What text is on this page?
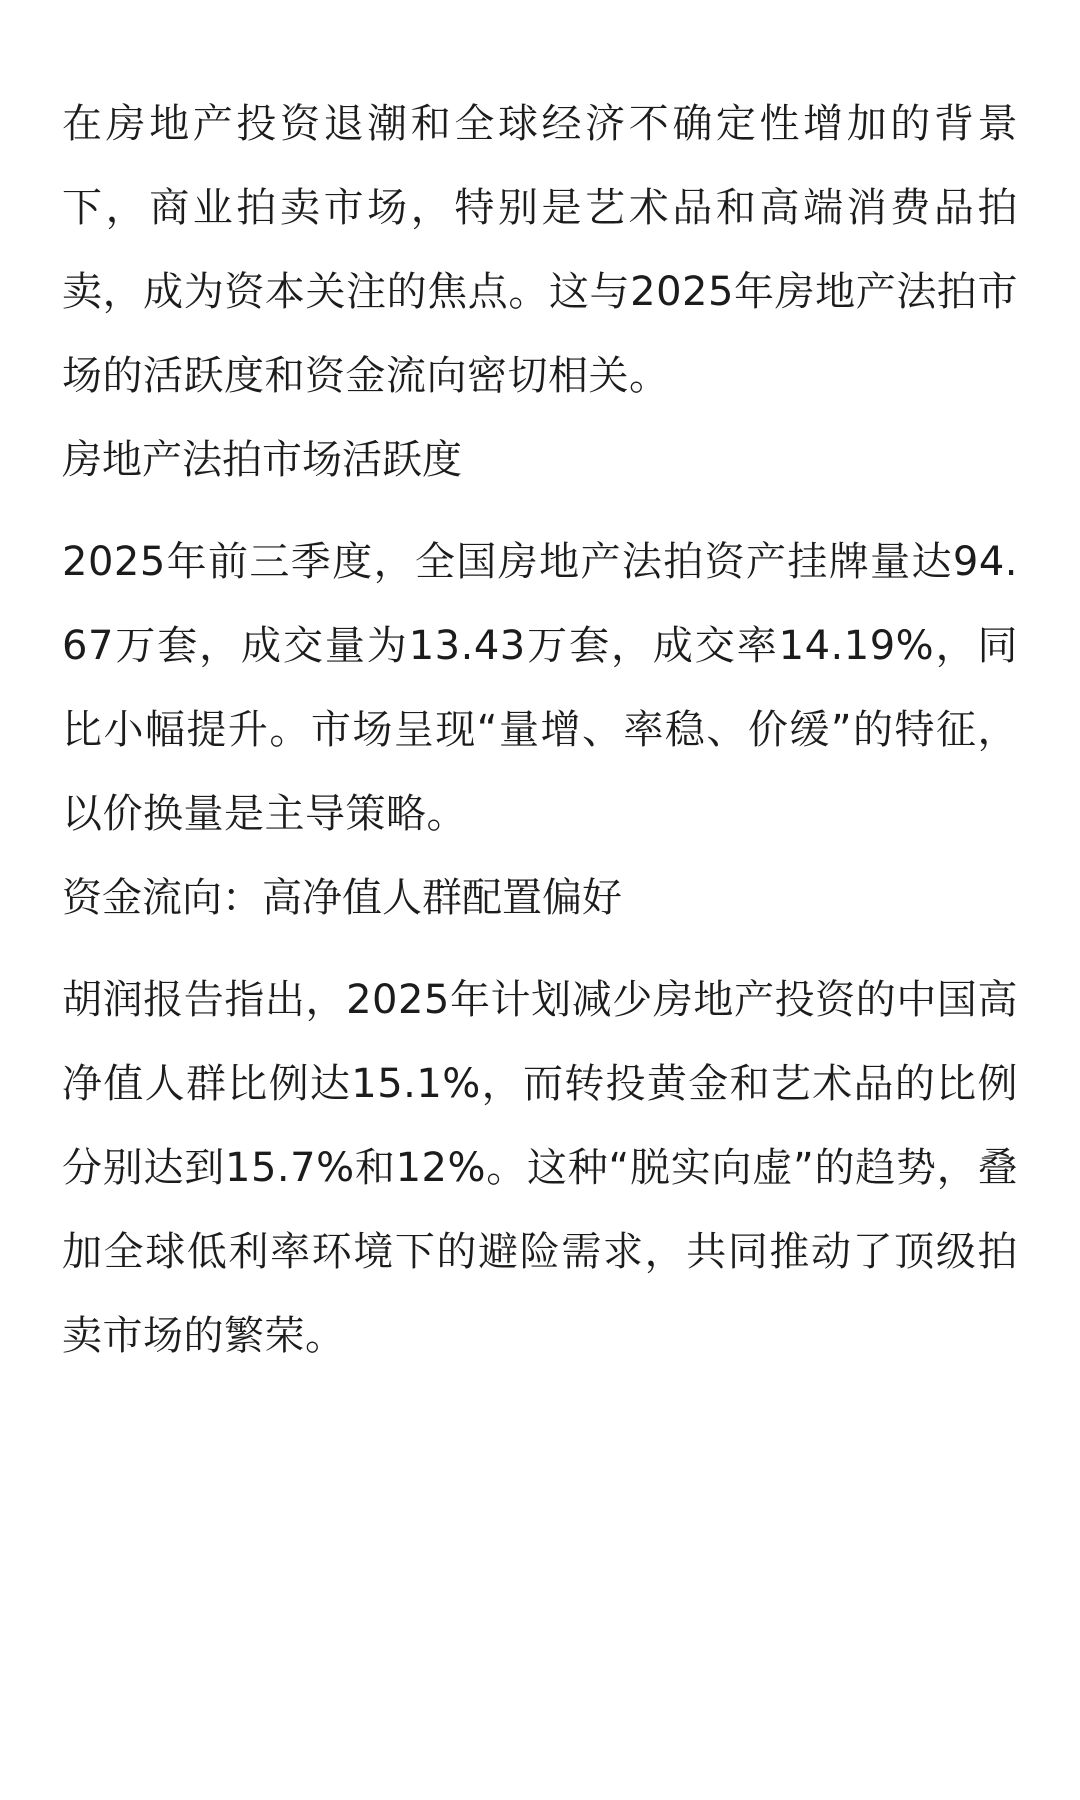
在房地产投资退潮和全球经济不确定性增加的背景下，商业拍卖市场，特别是艺术品和高端消费品拍卖，成为资本关注的焦点。这与2025年房地产法拍市场的活跃度和资金流向密切相关。

房地产法拍市场活跃度

2025年前三季度，全国房地产法拍资产挂牌量达94.67万套，成交量为13.43万套，成交率14.19%，同比小幅提升。市场呈现“量增、率稳、价缓”的特征，以价换量是主导策略。

资金流向：高净值人群配置偏好

胡润报告指出，2025年计划减少房地产投资的中国高净值人群比例达15.1%，而转投黄金和艺术品的比例分别达到15.7%和12%。这种“脱实向虚”的趋势，叠加全球低利率环境下的避险需求，共同推动了顶级拍卖市场的繁荣。
